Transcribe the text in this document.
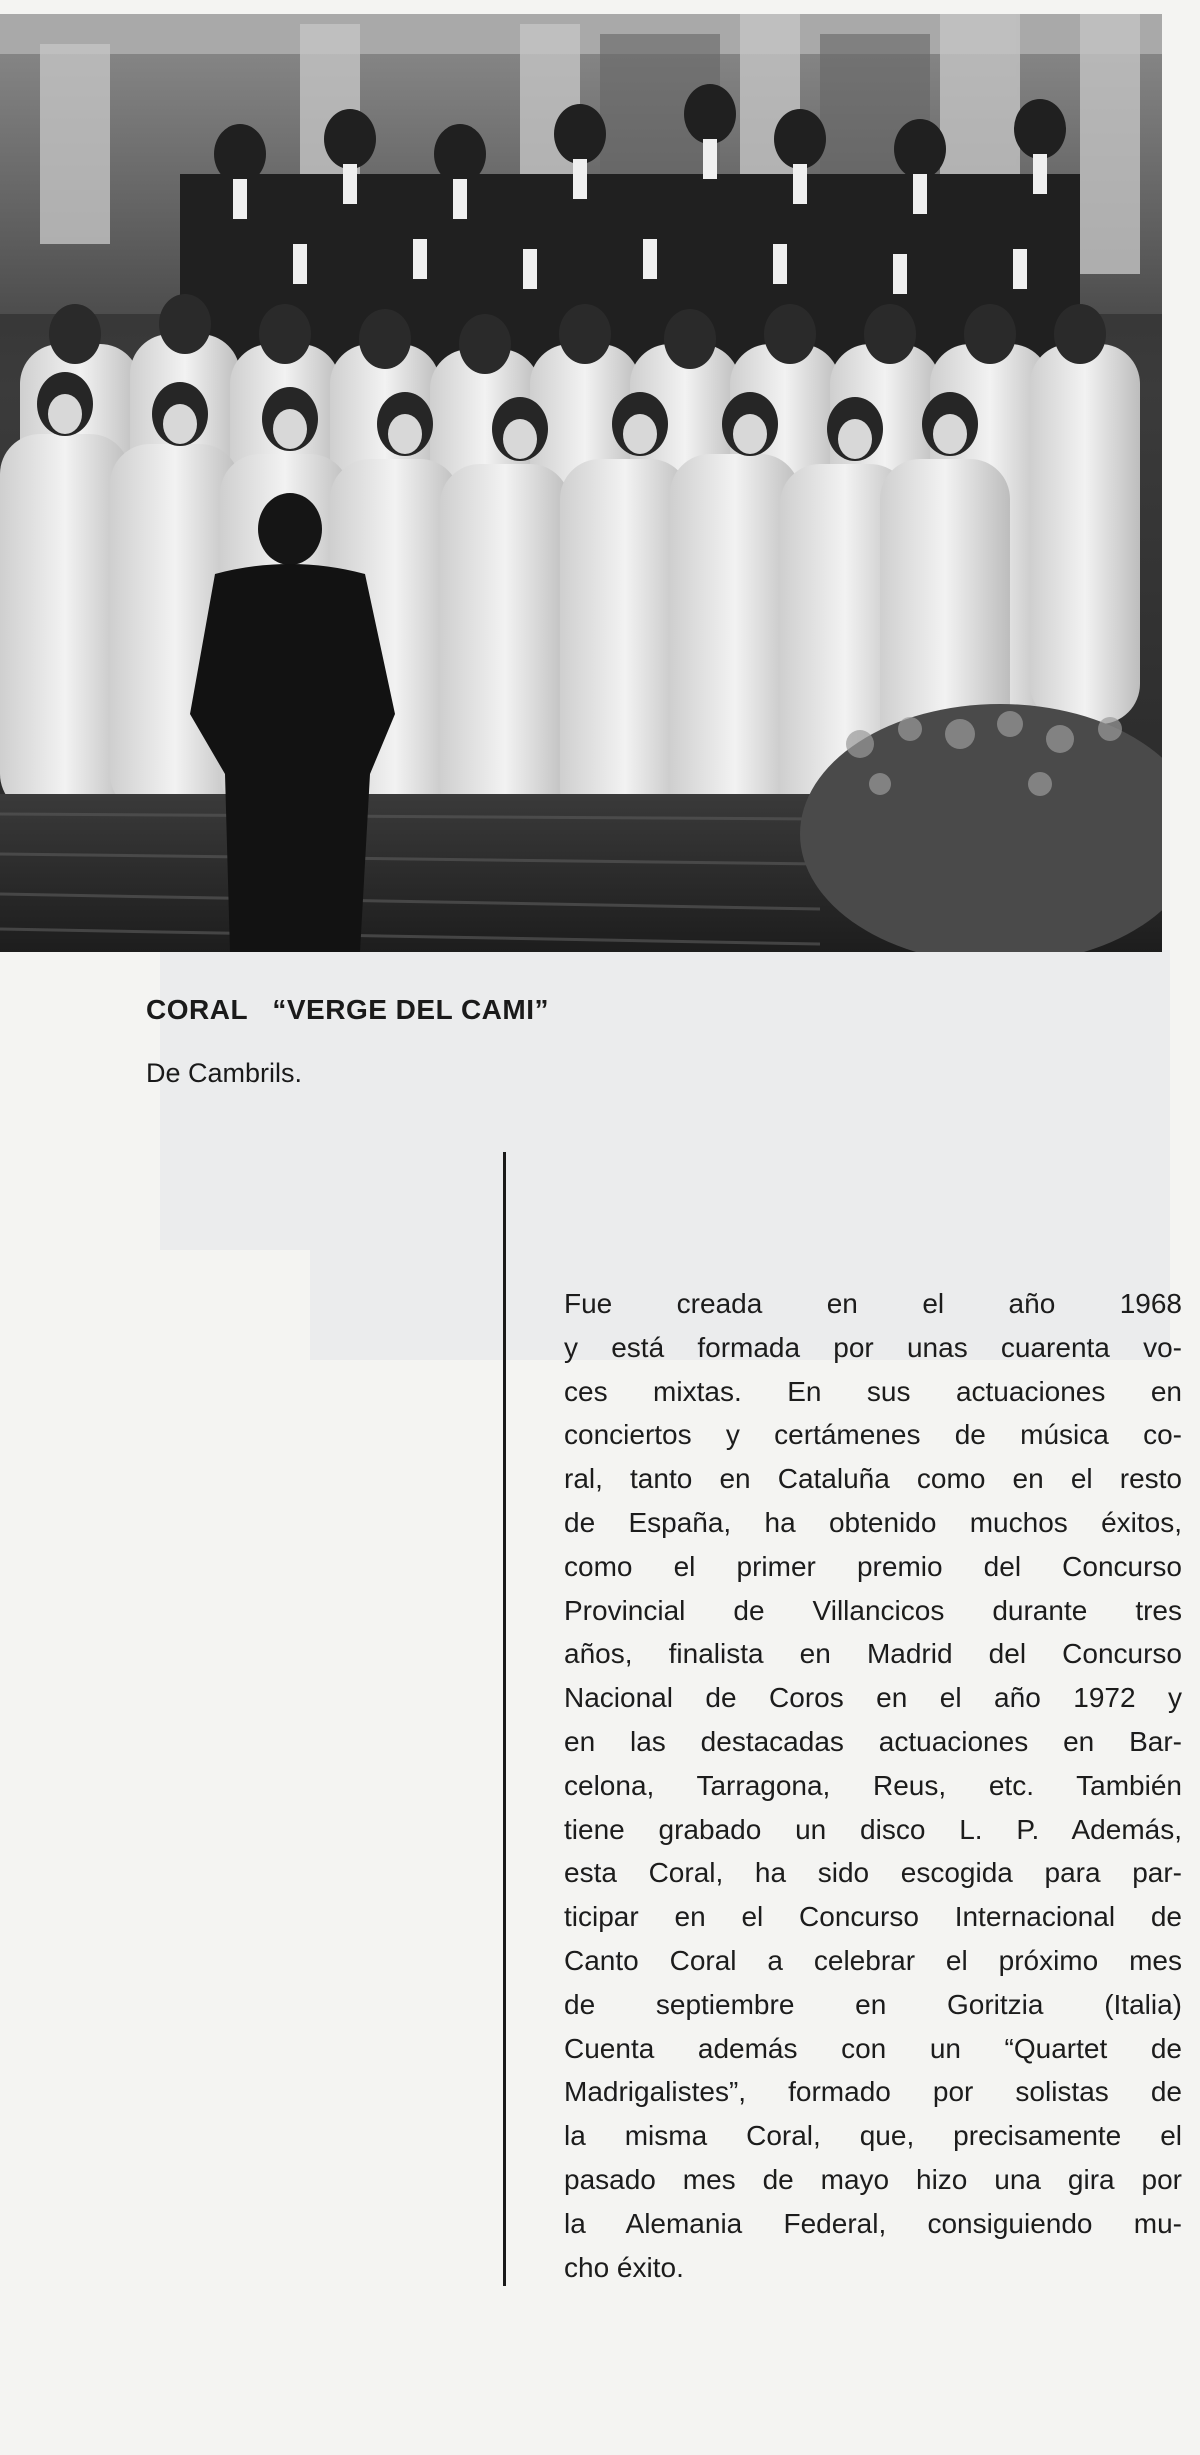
CORAL   “VERGE DEL CAMI”

De Cambrils.

Fue creada en el año 1968
y está formada por unas cuarenta vo-
ces mixtas. En sus actuaciones en
conciertos y certámenes de música co-
ral, tanto en Cataluña como en el resto
de España, ha obtenido muchos éxitos,
como el primer premio del Concurso
Provincial de Villancicos durante tres
años, finalista en Madrid del Concurso
Nacional de Coros en el año 1972 y
en las destacadas actuaciones en Bar-
celona, Tarragona, Reus, etc. También
tiene grabado un disco L. P. Además,
esta Coral, ha sido escogida para par-
ticipar en el Concurso Internacional de
Canto Coral a celebrar el próximo mes
de septiembre en Goritzia (Italia)
Cuenta además con un “Quartet de
Madrigalistes”, formado por solistas de
la misma Coral, que, precisamente el
pasado mes de mayo hizo una gira por
la Alemania Federal, consiguiendo mu-
cho éxito.
